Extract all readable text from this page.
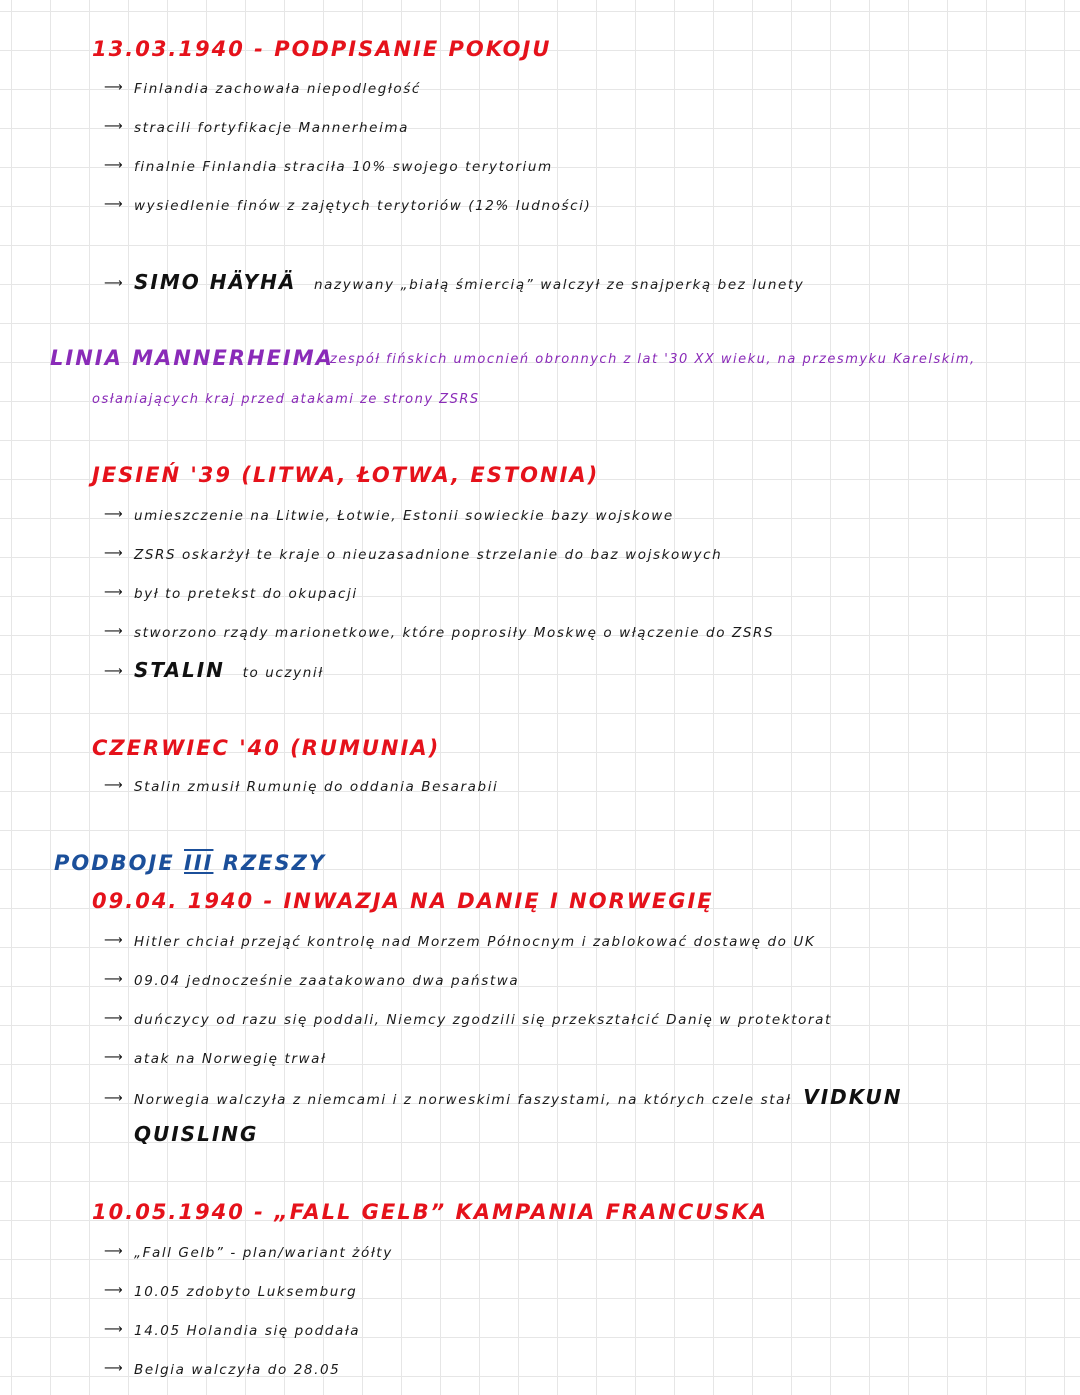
13.03.1940 - PODPISANIE POKOJU
⟶ Finlandia zachowała niepodległość
⟶ stracili fortyfikacje Mannerheima
⟶ finalnie Finlandia straciła 10% swojego terytorium
⟶ wysiedlenie finów z zajętych terytoriów (12% ludności)
⟶ SIMO HÄYHÄ nazywany „białą śmiercią” walczył ze snajperką bez lunety
LINIA MANNERHEIMA
zespół fińskich umocnień obronnych z lat '30 XX wieku, na przesmyku Karelskim,
osłaniających kraj przed atakami ze strony ZSRS
JESIEŃ '39 (LITWA, ŁOTWA, ESTONIA)
⟶ umieszczenie na Litwie, Łotwie, Estonii sowieckie bazy wojskowe
⟶ ZSRS oskarżył te kraje o nieuzasadnione strzelanie do baz wojskowych
⟶ był to pretekst do okupacji
⟶ stworzono rządy marionetkowe, które poprosiły Moskwę o włączenie do ZSRS
⟶ STALIN to uczynił
CZERWIEC '40 (RUMUNIA)
⟶ Stalin zmusił Rumunię do oddania Besarabii
PODBOJE III RZESZY
09.04. 1940 - INWAZJA NA DANIĘ I NORWEGIĘ
⟶ Hitler chciał przejąć kontrolę nad Morzem Północnym i zablokować dostawę do UK
⟶ 09.04 jednocześnie zaatakowano dwa państwa
⟶ duńczycy od razu się poddali, Niemcy zgodzili się przekształcić Danię w protektorat
⟶ atak na Norwegię trwał
⟶ Norwegia walczyła z niemcami i z norweskimi faszystami, na których czele stał VIDKUN
QUISLING
10.05.1940 - „FALL GELB” KAMPANIA FRANCUSKA
⟶ „Fall Gelb” - plan/wariant żółty
⟶ 10.05 zdobyto Luksemburg
⟶ 14.05 Holandia się poddała
⟶ Belgia walczyła do 28.05
